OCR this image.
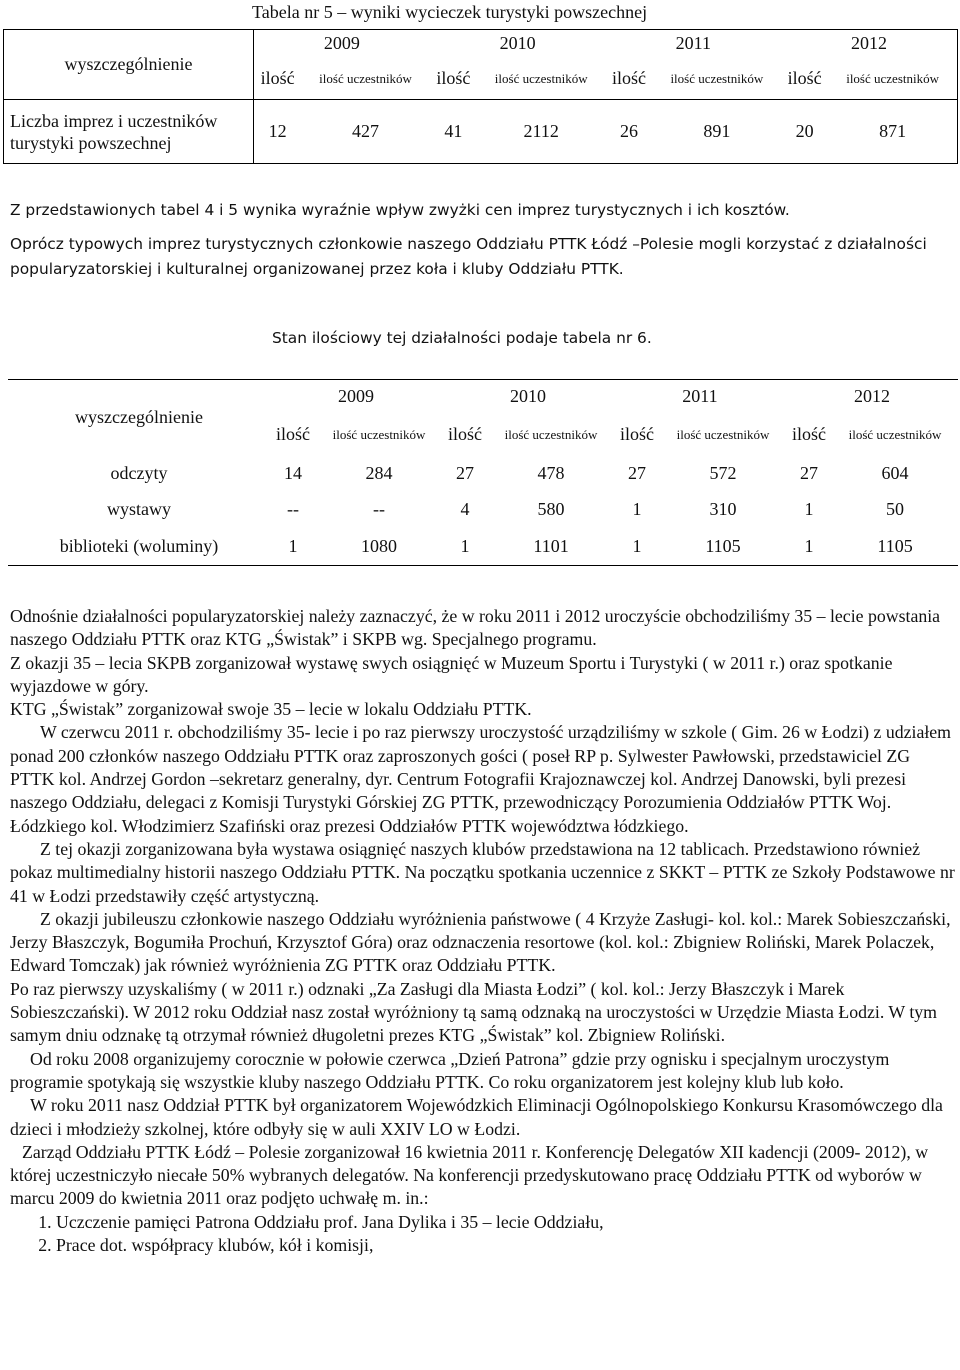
Tabela nr 5 – wyniki wycieczek turystyki powszechnej
wyszczególnienie	2009		2010		2011		2012	
	ilość	ilość uczestników	ilość	ilość uczestników	ilość	ilość uczestników	ilość	ilość uczestników
Liczba imprez i uczestników turystyki powszechnej	12	427	41	2112	26	891	20	871
Z przedstawionych tabel 4 i 5 wynika wyraźnie wpływ zwyżki cen imprez turystycznych i ich kosztów.
Oprócz typowych imprez turystycznych członkowie naszego Oddziału PTTK Łódź –Polesie mogli korzystać z działalności popularyzatorskiej i kulturalnej organizowanej przez koła i kluby Oddziału PTTK.
Stan ilościowy tej działalności podaje tabela nr 6.
wyszczególnienie	2009		2010		2011		2012	
	ilość	ilość uczestników	ilość	ilość uczestników	ilość	ilość uczestników	ilość	ilość uczestników
odczyty	14	284	27	478	27	572	27	604
wystawy	--	--	4	580	1	310	1	50
biblioteki (woluminy)	1	1080	1	1101	1	1105	1	1105

Odnośnie działalności popularyzatorskiej należy zaznaczyć, że w roku 2011 i 2012 uroczyście obchodziliśmy 35 – lecie powstania naszego Oddziału PTTK oraz KTG „Świstak” i SKPB wg. Specjalnego programu.

Z okazji 35 – lecia SKPB zorganizował wystawę swych osiągnięć w Muzeum Sportu i Turystyki ( w 2011 r.) oraz spotkanie wyjazdowe w góry.

KTG „Świstak” zorganizował swoje 35 – lecie w lokalu Oddziału PTTK.

W czerwcu 2011 r. obchodziliśmy 35- lecie i po raz pierwszy uroczystość urządziliśmy w szkole ( Gim. 26 w Łodzi) z udziałem ponad 200 członków naszego Oddziału PTTK oraz zaproszonych gości ( poseł RP p. Sylwester Pawłowski, przedstawiciel ZG PTTK kol. Andrzej Gordon –sekretarz generalny, dyr. Centrum Fotografii Krajoznawczej kol. Andrzej Danowski, byli prezesi naszego Oddziału, delegaci z Komisji Turystyki Górskiej ZG PTTK, przewodniczący Porozumienia Oddziałów PTTK Woj. Łódzkiego kol. Włodzimierz Szafiński oraz prezesi Oddziałów PTTK województwa łódzkiego.

Z tej okazji zorganizowana była wystawa osiągnięć naszych klubów przedstawiona na 12 tablicach. Przedstawiono również pokaz multimedialny historii naszego Oddziału PTTK. Na początku spotkania uczennice z SKKT – PTTK ze Szkoły Podstawowe nr 41 w Łodzi przedstawiły część artystyczną.

Z okazji jubileuszu członkowie naszego Oddziału wyróżnienia państwowe ( 4 Krzyże Zasługi- kol. kol.: Marek Sobieszczański, Jerzy Błaszczyk, Bogumiła Prochuń, Krzysztof Góra) oraz odznaczenia resortowe (kol. kol.: Zbigniew Roliński, Marek Polaczek, Edward Tomczak) jak również wyróżnienia ZG PTTK oraz Oddziału PTTK.

Po raz pierwszy uzyskaliśmy ( w 2011 r.) odznaki „Za Zasługi dla Miasta Łodzi” ( kol. kol.: Jerzy Błaszczyk i Marek Sobieszczański). W 2012 roku Oddział nasz został wyróżniony tą samą odznaką na uroczystości w Urzędzie Miasta Łodzi. W tym samym dniu odznakę tą otrzymał również długoletni prezes KTG „Świstak” kol. Zbigniew Roliński.

Od roku 2008 organizujemy corocznie w połowie czerwca „Dzień Patrona” gdzie przy ognisku i specjalnym uroczystym programie spotykają się wszystkie kluby naszego Oddziału PTTK. Co roku organizatorem jest kolejny klub lub koło.

W roku 2011 nasz Oddział PTTK był organizatorem Wojewódzkich Eliminacji Ogólnopolskiego Konkursu Krasomówczego dla dzieci i młodzieży szkolnej, które odbyły się w auli XXIV LO w Łodzi.

Zarząd Oddziału PTTK Łódź – Polesie zorganizował 16 kwietnia 2011 r. Konferencję Delegatów XII kadencji (2009- 2012), w której uczestniczyło niecałe 50% wybranych delegatów. Na konferencji przedyskutowano pracę Oddziału PTTK od wyborów w marcu 2009 do kwietnia 2011 oraz podjęto uchwałę m. in.:

1. Uczczenie pamięci Patrona Oddziału prof. Jana Dylika i 35 – lecie Oddziału,
2. Prace dot. współpracy klubów, kół i komisji,
